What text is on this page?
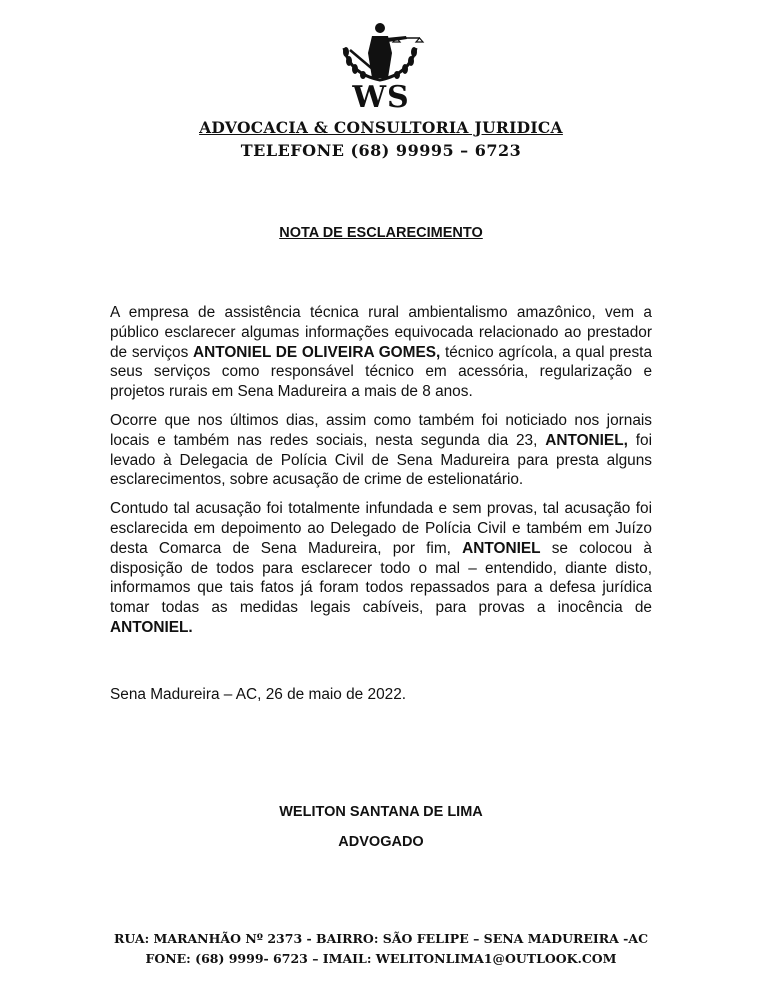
WS
ADVOCACIA & CONSULTORIA JURIDICA
TELEFONE (68) 99995 – 6723
NOTA DE ESCLARECIMENTO

A empresa de assistência técnica rural ambientalismo amazônico, vem a público esclarecer algumas informações equivocada relacionado ao prestador de serviços ANTONIEL DE OLIVEIRA GOMES, técnico agrícola, a qual presta seus serviços como responsável técnico em acessória, regularização e projetos rurais em Sena Madureira a mais de 8 anos.

Ocorre que nos últimos dias, assim como também foi noticiado nos jornais locais e também nas redes sociais, nesta segunda dia 23, ANTONIEL, foi levado à Delegacia de Polícia Civil de Sena Madureira para presta alguns esclarecimentos, sobre acusação de crime de estelionatário.

Contudo tal acusação foi totalmente infundada e sem provas, tal acusação foi esclarecida em depoimento ao Delegado de Polícia Civil e também em Juízo desta Comarca de Sena Madureira, por fim, ANTONIEL se colocou à disposição de todos para esclarecer todo o mal – entendido, diante disto, informamos que tais fatos já foram todos repassados para a defesa jurídica tomar todas as medidas legais cabíveis, para provas a inocência de ANTONIEL.

Sena Madureira – AC, 26 de maio de 2022.
WELITON SANTANA DE LIMA
ADVOGADO
RUA: MARANHÃO Nº 2373 - BAIRRO: SÃO FELIPE – SENA MADUREIRA -AC
FONE: (68) 9999- 6723 – IMAIL: WELITONLIMA1@OUTLOOK.COM
